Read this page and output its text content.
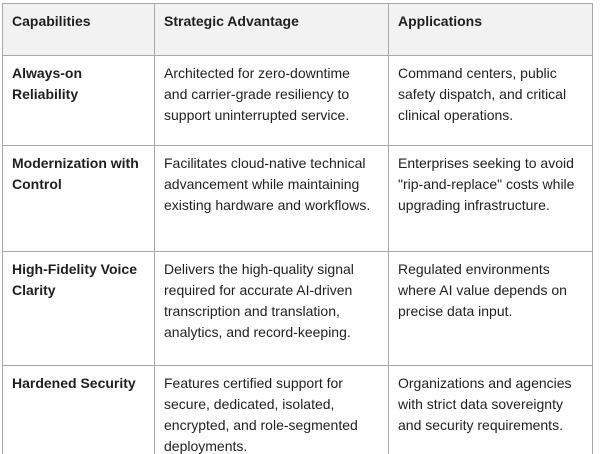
Capabilities	Strategic Advantage	Applications
Always-on Reliability	Architected for zero-downtime and carrier-grade resiliency to support uninterrupted service.	Command centers, public safety dispatch, and critical clinical operations.
Modernization with Control	Facilitates cloud-native technical advancement while maintaining existing hardware and workflows.	Enterprises seeking to avoid "rip-and-replace" costs while upgrading infrastructure.
High-Fidelity Voice Clarity	Delivers the high-quality signal required for accurate AI-driven transcription and translation, analytics, and record-keeping.	Regulated environments where AI value depends on precise data input.
Hardened Security	Features certified support for secure, dedicated, isolated, encrypted, and role-segmented deployments.	Organizations and agencies with strict data sovereignty and security requirements.
